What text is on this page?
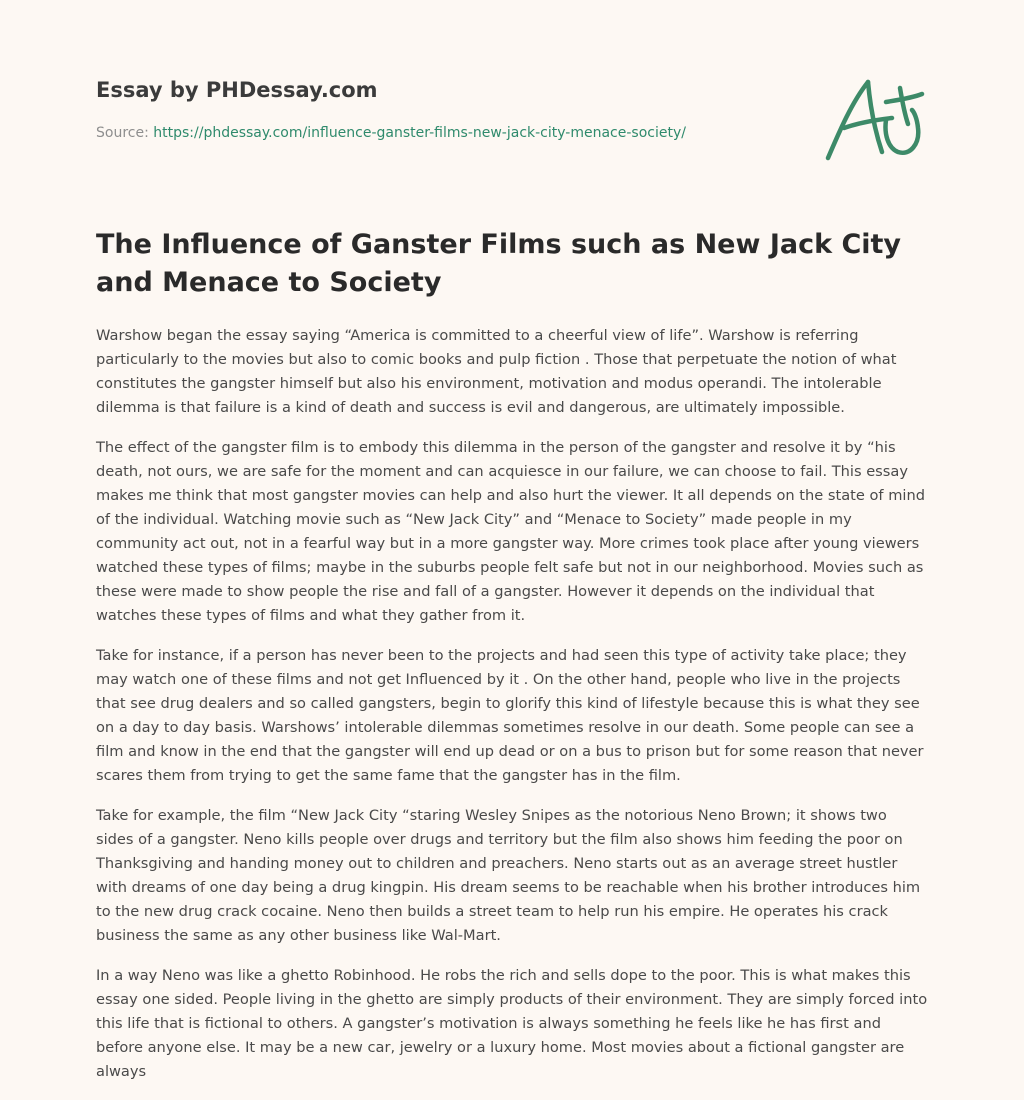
Essay by PHDessay.com
Source: https://phdessay.com/influence-ganster-films-new-jack-city-menace-society/
The Influence of Ganster Films such as New Jack City and Menace to Society

Warshow began the essay saying “America is committed to a cheerful view of life”. Warshow is referring particularly to the movies but also to comic books and pulp fiction . Those that perpetuate the notion of what constitutes the gangster himself but also his environment, motivation and modus operandi. The intolerable dilemma is that failure is a kind of death and success is evil and dangerous, are ultimately impossible.

The effect of the gangster film is to embody this dilemma in the person of the gangster and resolve it by “his death, not ours, we are safe for the moment and can acquiesce in our failure, we can choose to fail. This essay makes me think that most gangster movies can help and also hurt the viewer. It all depends on the state of mind of the individual. Watching movie such as “New Jack City” and “Menace to Society” made people in my community act out, not in a fearful way but in a more gangster way. More crimes took place after young viewers watched these types of films; maybe in the suburbs people felt safe but not in our neighborhood. Movies such as these were made to show people the rise and fall of a gangster. However it depends on the individual that watches these types of films and what they gather from it.

Take for instance, if a person has never been to the projects and had seen this type of activity take place; they may watch one of these films and not get Influenced by it . On the other hand, people who live in the projects that see drug dealers and so called gangsters, begin to glorify this kind of lifestyle because this is what they see on a day to day basis. Warshows’ intolerable dilemmas sometimes resolve in our death. Some people can see a film and know in the end that the gangster will end up dead or on a bus to prison but for some reason that never scares them from trying to get the same fame that the gangster has in the film.

Take for example, the film “New Jack City “staring Wesley Snipes as the notorious Neno Brown; it shows two sides of a gangster. Neno kills people over drugs and territory but the film also shows him feeding the poor on Thanksgiving and handing money out to children and preachers. Neno starts out as an average street hustler with dreams of one day being a drug kingpin. His dream seems to be reachable when his brother introduces him to the new drug crack cocaine. Neno then builds a street team to help run his empire. He operates his crack business the same as any other business like Wal-Mart.

In a way Neno was like a ghetto Robinhood. He robs the rich and sells dope to the poor. This is what makes this essay one sided. People living in the ghetto are simply products of their environment. They are simply forced into this life that is fictional to others. A gangster’s motivation is always something he feels like he has first and before anyone else. It may be a new car, jewelry or a luxury home. Most movies about a fictional gangster are always
